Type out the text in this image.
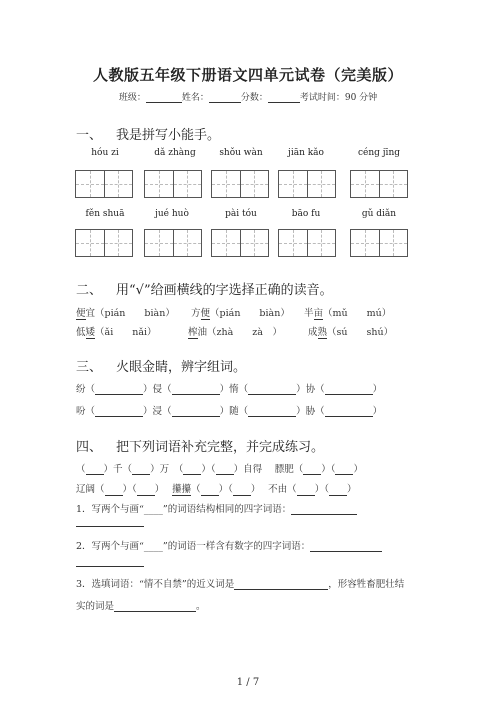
人教版五年级下册语文四单元试卷（完美版）
班级：	姓名：	分数：	考试时间：90 分钟
一、 我是拼写小能手。
hóu zi	dǎ zhàng	shǒu wàn	jiān kǎo	céng jīng
fěn shuā	jué huò	pài tóu	bāo fu	gǔ diǎn
二、 用“√”给画横线的字选择正确的读音。
便宜（pián　　biàn） 方便（pián　　biàn） 半亩（mǔ　　mú）
低矮（ǎi　　nǎi）	榨油（zhà　　zà　）	成熟（sú　　shú）
三、 火眼金睛，辨字组词。
纷（	）侵（	）惰（	）协（	）
吩（	）浸（	）随（	）胁（	）
四、 把下列词语补充完整，并完成练习。
（ ）千（ ）万　（ ）（ ）自得　 膘肥（ ）（ ）
辽阔（ ）（ ）　 攥攥（ ）（ ）　 不由（ ）（ ）
1．写两个与画“____”的词语结构相同的四字词语：
2．写两个与画“____”的词语一样含有数字的四字词语：
3．选填词语：“情不自禁”的近义词是	，形容牲畜肥壮结
实的词是	。
1 / 7
